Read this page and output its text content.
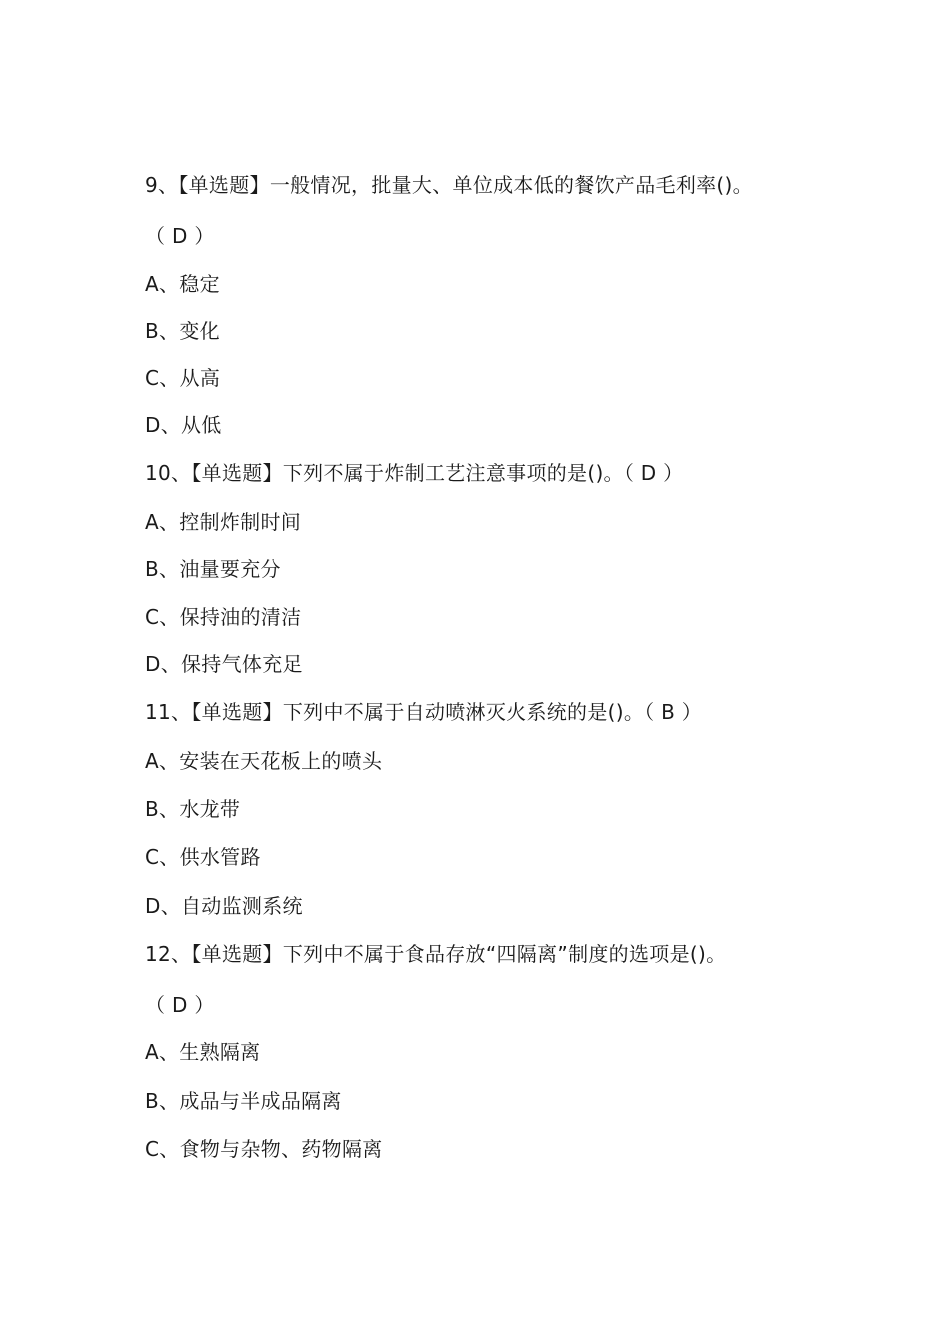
9、【单选题】一般情况，批量大、单位成本低的餐饮产品毛利率()。
（ D ）
A、稳定
B、变化
C、从高
D、从低
10、【单选题】下列不属于炸制工艺注意事项的是()。（ D ）
A、控制炸制时间
B、油量要充分
C、保持油的清洁
D、保持气体充足
11、【单选题】下列中不属于自动喷淋灭火系统的是()。（ B ）
A、安装在天花板上的喷头
B、水龙带
C、供水管路
D、自动监测系统
12、【单选题】下列中不属于食品存放“四隔离”制度的选项是()。
（ D ）
A、生熟隔离
B、成品与半成品隔离
C、食物与杂物、药物隔离
